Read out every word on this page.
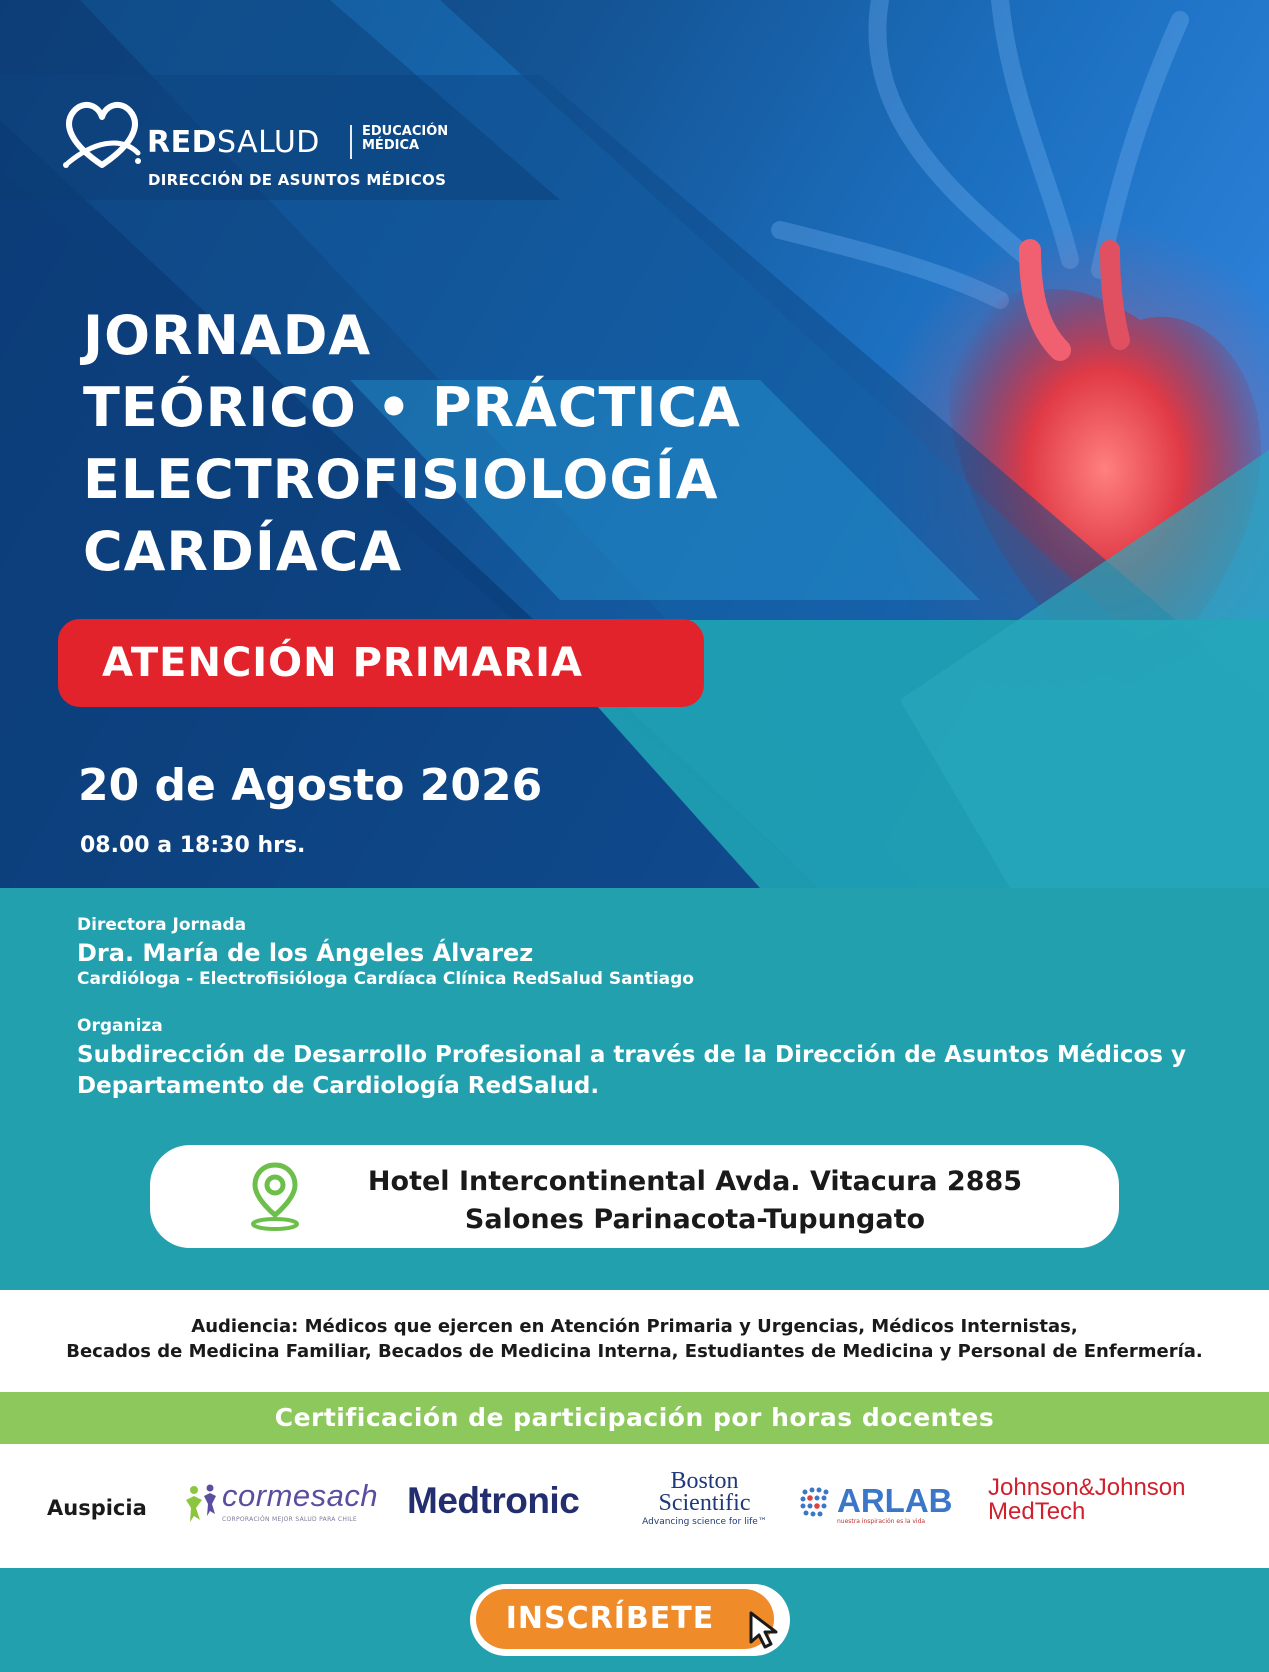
REDSALUD	EDUCACIÓN
MÉDICA
DIRECCIÓN DE ASUNTOS MÉDICOS
JORNADA
TEÓRICO • PRÁCTICA
ELECTROFISIOLOGÍA
CARDÍACA
ATENCIÓN PRIMARIA
20 de Agosto 2026
08.00 a 18:30 hrs.
Directora Jornada
Dra. María de los Ángeles Álvarez
Cardióloga - Electrofisióloga Cardíaca Clínica RedSalud Santiago
Organiza
Subdirección de Desarrollo Profesional a través de la Dirección de Asuntos Médicos y Departamento de Cardiología RedSalud.
Hotel Intercontinental Avda. Vitacura 2885
Salones Parinacota-Tupungato
Audiencia: Médicos que ejercen en Atención Primaria y Urgencias, Médicos Internistas,
Becados de Medicina Familiar, Becados de Medicina Interna, Estudiantes de Medicina y Personal de Enfermería.
Certificación de participación por horas docentes
Auspicia cormesach
CORPORACIÓN MEJOR SALUD PARA CHILE Medtronic	Boston
Scientific
Advancing science for life™
ARLAB
nuestra inspiración es la vida
Johnson&Johnson
MedTech
INSCRÍBETE
